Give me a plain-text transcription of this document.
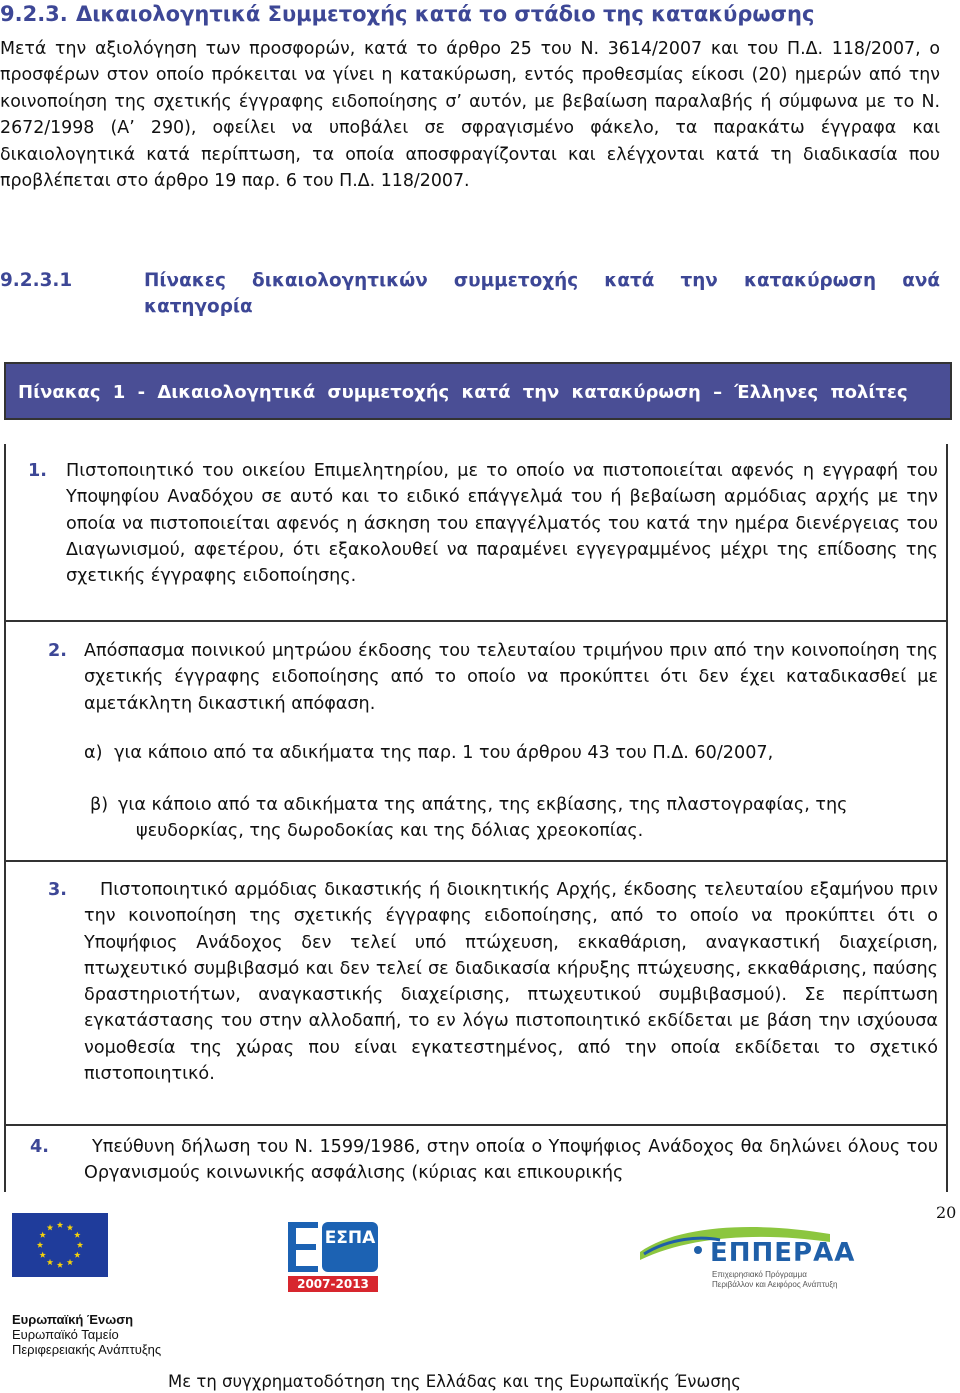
9.2.3. Δικαιολογητικά Συμμετοχής κατά το στάδιο της κατακύρωσης
Μετά την αξιολόγηση των προσφορών, κατά το άρθρο 25 του Ν. 3614/2007 και του Π.Δ. 118/2007, ο προσφέρων στον οποίο πρόκειται να γίνει η κατακύρωση, εντός προθεσμίας είκοσι (20) ημερών από την κοινοποίηση της σχετικής έγγραφης ειδοποίησης σ’ αυτόν, με βεβαίωση παραλαβής ή σύμφωνα με το Ν. 2672/1998 (Α’ 290), οφείλει να υποβάλει σε σφραγισμένο φάκελο, τα παρακάτω έγγραφα και δικαιολογητικά κατά περίπτωση, τα οποία αποσφραγίζονται και ελέγχονται κατά τη διαδικασία που προβλέπεται στο άρθρο 19 παρ. 6 του Π.Δ. 118/2007.
9.2.3.1	Πίνακες δικαιολογητικών συμμετοχής κατά την κατακύρωση ανά κατηγορία
Πίνακας 1 - Δικαιολογητικά συμμετοχής κατά την κατακύρωση – Έλληνες πολίτες
1. Πιστοποιητικό του οικείου Επιμελητηρίου, με το οποίο να πιστοποιείται αφενός η εγγραφή του Υποψηφίου Αναδόχου σε αυτό και το ειδικό επάγγελμά του ή βεβαίωση αρμόδιας αρχής με την οποία να πιστοποιείται αφενός η άσκηση του επαγγέλματός του κατά την ημέρα διενέργειας του Διαγωνισμού, αφετέρου, ότι εξακολουθεί να παραμένει εγγεγραμμένος μέχρι της επίδοσης της σχετικής έγγραφης ειδοποίησης.
2. Απόσπασμα ποινικού μητρώου έκδοσης του τελευταίου τριμήνου πριν από την κοινοποίηση της σχετικής έγγραφης ειδοποίησης από το οποίο να προκύπτει ότι δεν έχει καταδικασθεί με αμετάκλητη δικαστική απόφαση.
α) για κάποιο από τα αδικήματα της παρ. 1 του άρθρου 43 του Π.Δ. 60/2007,
β) για κάποιο από τα αδικήματα της απάτης, της εκβίασης, της πλαστογραφίας, της ψευδορκίας, της δωροδοκίας και της δόλιας χρεοκοπίας.
3. Πιστοποιητικό αρμόδιας δικαστικής ή διοικητικής Αρχής, έκδοσης τελευταίου εξαμήνου πριν την κοινοποίηση της σχετικής έγγραφης ειδοποίησης, από το οποίο να προκύπτει ότι ο Υποψήφιος Ανάδοχος δεν τελεί υπό πτώχευση, εκκαθάριση, αναγκαστική διαχείριση, πτωχευτικό συμβιβασμό και δεν τελεί σε διαδικασία κήρυξης πτώχευσης, εκκαθάρισης, παύσης δραστηριοτήτων, αναγκαστικής διαχείρισης, πτωχευτικού συμβιβασμού). Σε περίπτωση εγκατάστασης του στην αλλοδαπή, το εν λόγω πιστοποιητικό εκδίδεται με βάση την ισχύουσα νομοθεσία της χώρας που είναι εγκατεστημένος, από την οποία εκδίδεται το σχετικό πιστοποιητικό.
4. Υπεύθυνη δήλωση του Ν. 1599/1986, στην οποία ο Υποψήφιος Ανάδοχος θα δηλώνει όλους του Οργανισμούς κοινωνικής ασφάλισης (κύριας και επικουρικής
20
Ευρωπαϊκή Ένωση
Ευρωπαϊκό Ταμείο
Περιφερειακής Ανάπτυξης
ΕΣΠΑ
2007-2013
ΕΠΠΕΡΑΑ
Επιχειρησιακό Πρόγραμμα
Περιβάλλον και Αειφόρος Ανάπτυξη
Με τη συγχρηματοδότηση της Ελλάδας και της Ευρωπαϊκής Ένωσης
